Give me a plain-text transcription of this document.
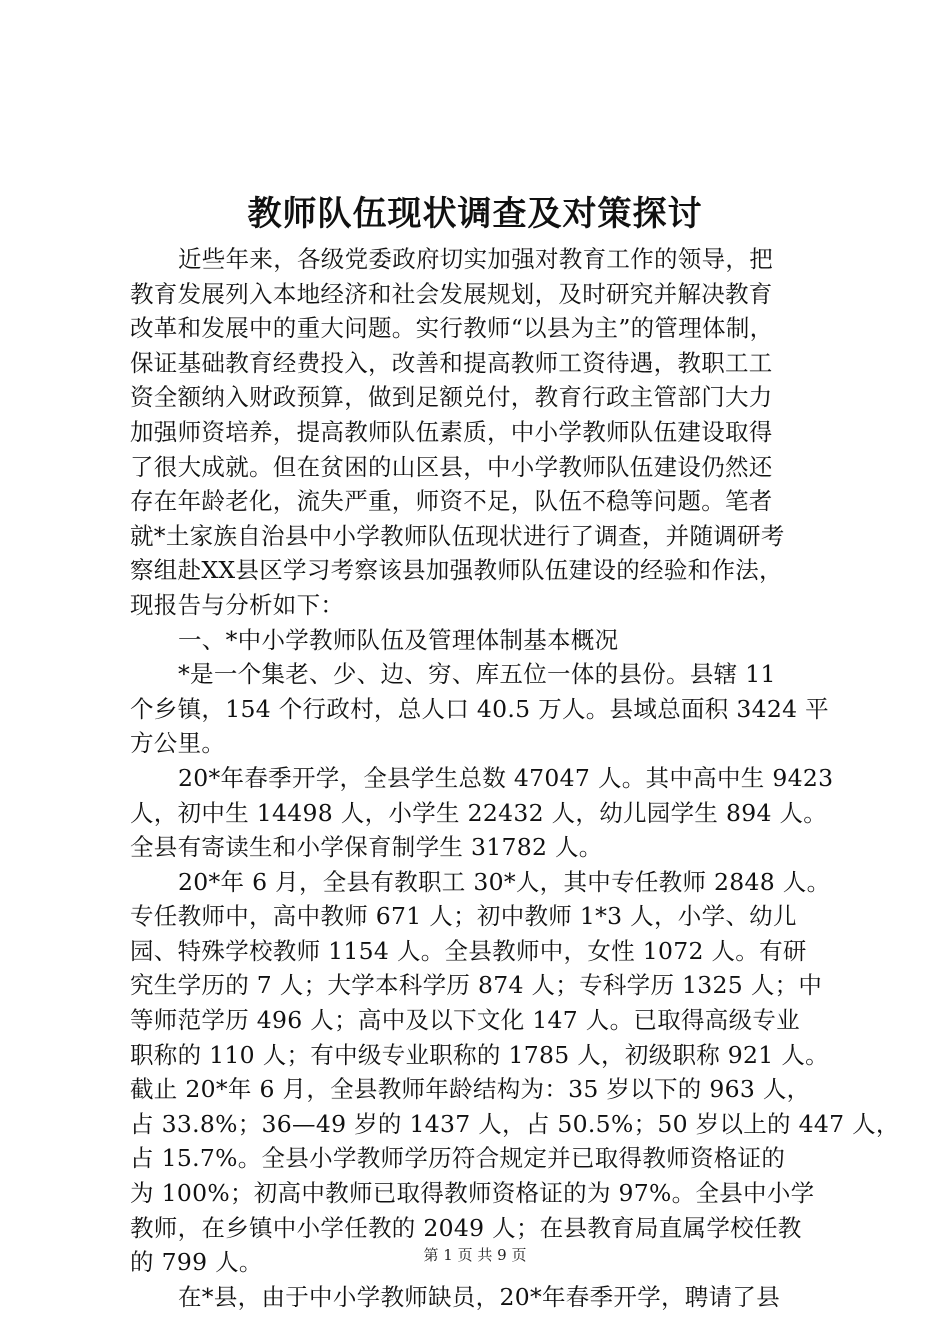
教师队伍现状调查及对策探讨
近些年来，各级党委政府切实加强对教育工作的领导，把
教育发展列入本地经济和社会发展规划，及时研究并解决教育
改革和发展中的重大问题。实行教师“以县为主”的管理体制，
保证基础教育经费投入，改善和提高教师工资待遇，教职工工
资全额纳入财政预算，做到足额兑付，教育行政主管部门大力
加强师资培养，提高教师队伍素质，中小学教师队伍建设取得
了很大成就。但在贫困的山区县，中小学教师队伍建设仍然还
存在年龄老化，流失严重，师资不足，队伍不稳等问题。笔者
就*土家族自治县中小学教师队伍现状进行了调查，并随调研考
察组赴XX县区学习考察该县加强教师队伍建设的经验和作法，
现报告与分析如下：
一、*中小学教师队伍及管理体制基本概况
*是一个集老、少、边、穷、库五位一体的县份。县辖 11
个乡镇，154 个行政村，总人口 40.5 万人。县域总面积 3424 平
方公里。
20*年春季开学，全县学生总数 47047 人。其中高中生 9423
人，初中生 14498 人，小学生 22432 人，幼儿园学生 894 人。
全县有寄读生和小学保育制学生 31782 人。
20*年 6 月，全县有教职工 30*人，其中专任教师 2848 人。
专任教师中，高中教师 671 人；初中教师 1*3 人，小学、幼儿
园、特殊学校教师 1154 人。全县教师中，女性 1072 人。有研
究生学历的 7 人；大学本科学历 874 人；专科学历 1325 人；中
等师范学历 496 人；高中及以下文化 147 人。已取得高级专业
职称的 110 人；有中级专业职称的 1785 人，初级职称 921 人。
截止 20*年 6 月，全县教师年龄结构为：35 岁以下的 963 人，
占 33.8%；36—49 岁的 1437 人，占 50.5%；50 岁以上的 447 人，
占 15.7%。全县小学教师学历符合规定并已取得教师资格证的
为 100%；初高中教师已取得教师资格证的为 97%。全县中小学
教师，在乡镇中小学任教的 2049 人；在县教育局直属学校任教
的 799 人。
在*县，由于中小学教师缺员，20*年春季开学，聘请了县
第 1 页 共 9 页
